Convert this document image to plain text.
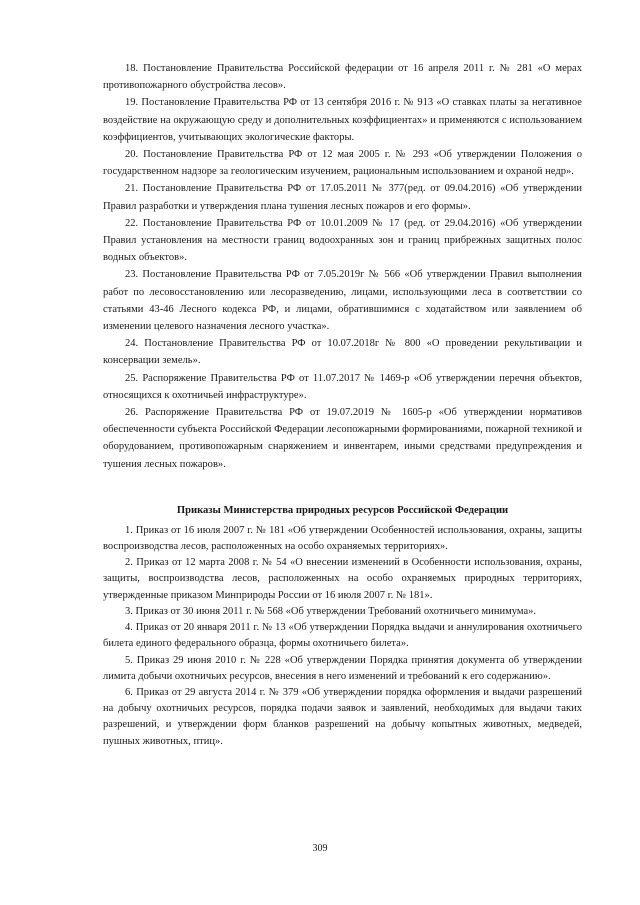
18. Постановление Правительства Российской федерации от 16 апреля 2011 г. № 281 «О мерах противопожарного обустройства лесов».

19. Постановление Правительства РФ от 13 сентября 2016 г. № 913 «О ставках платы за негативное воздействие на окружающую среду и дополнительных коэффициентах» и применяются с использованием коэффициентов, учитывающих экологические факторы.

20. Постановление Правительства РФ от 12 мая 2005 г. № 293 «Об утверждении Положения о государственном надзоре за геологическим изучением, рациональным использованием и охраной недр».

21. Постановление Правительства РФ от 17.05.2011 № 377(ред. от 09.04.2016) «Об утверждении Правил разработки и утверждения плана тушения лесных пожаров и его формы».

22. Постановление Правительства РФ от 10.01.2009 № 17 (ред. от 29.04.2016) «Об утверждении Правил установления на местности границ водоохранных зон и границ прибрежных защитных полос водных объектов».

23. Постановление Правительства РФ от 7.05.2019г № 566 «Об утверждении Правил выполнения работ по лесовосстановлению или лесоразведению, лицами, использующими леса в соответствии со статьями 43-46 Лесного кодекса РФ, и лицами, обратившимися с ходатайством или заявлением об изменении целевого назначения лесного участка».

24. Постановление Правительства РФ от 10.07.2018г № 800 «О проведении рекультивации и консервации земель».

25. Распоряжение Правительства РФ от 11.07.2017 № 1469-р «Об утверждении перечня объектов, относящихся к охотничьей инфраструктуре».

26. Распоряжение Правительства РФ от 19.07.2019 № 1605-р «Об утверждении нормативов обеспеченности субъекта Российской Федерации лесопожарными формированиями, пожарной техникой и оборудованием, противопожарным снаряжением и инвентарем, иными средствами предупреждения и тушения лесных пожаров».

Приказы Министерства природных ресурсов Российской Федерации

1. Приказ от 16 июля 2007 г. № 181 «Об утверждении Особенностей использования, охраны, защиты воспроизводства лесов, расположенных на особо охраняемых территориях».

2. Приказ от 12 марта 2008 г. № 54 «О внесении изменений в Особенности использования, охраны, защиты, воспроизводства лесов, расположенных на особо охраняемых природных территориях, утвержденные приказом Минприроды России от 16 июля 2007 г. № 181».

3. Приказ от 30 июня 2011 г. № 568 «Об утверждении Требований охотничьего минимума».

4. Приказ от 20 января 2011 г. № 13 «Об утверждении Порядка выдачи и аннулирования охотничьего билета единого федерального образца, формы охотничьего билета».

5. Приказ 29 июня 2010 г. № 228 «Об утверждении Порядка принятия документа об утверждении лимита добычи охотничьих ресурсов, внесения в него изменений и требований к его содержанию».

6. Приказ от 29 августа 2014 г. № 379 «Об утверждении порядка оформления и выдачи разрешений на добычу охотничьих ресурсов, порядка подачи заявок и заявлений, необходимых для выдачи таких разрешений, и утверждении форм бланков разрешений на добычу копытных животных, медведей, пушных животных, птиц».

309
